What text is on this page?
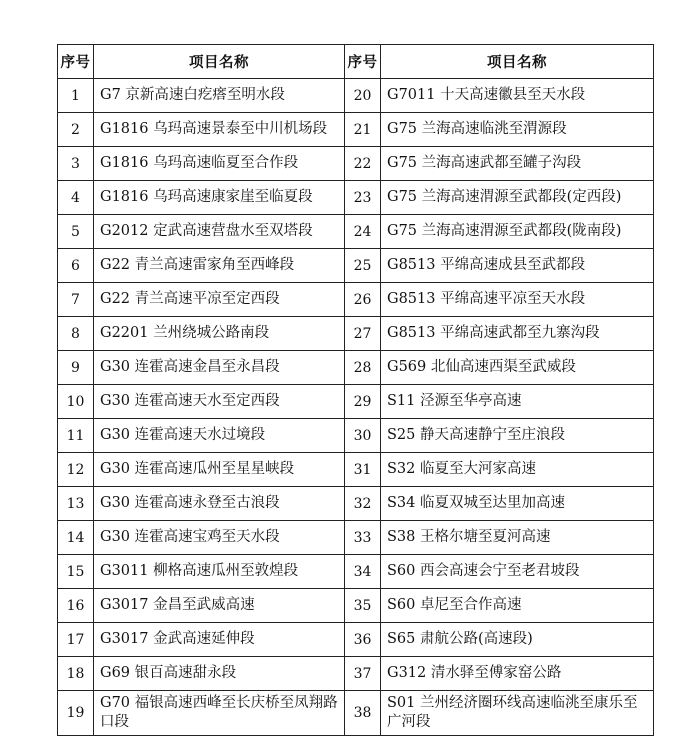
序号	项目名称	序号	项目名称
1	G7 京新高速白疙瘩至明水段	20	G7011 十天高速徽县至天水段
2	G1816 乌玛高速景泰至中川机场段	21	G75 兰海高速临洮至渭源段
3	G1816 乌玛高速临夏至合作段	22	G75 兰海高速武都至罐子沟段
4	G1816 乌玛高速康家崖至临夏段	23	G75 兰海高速渭源至武都段(定西段)
5	G2012 定武高速营盘水至双塔段	24	G75 兰海高速渭源至武都段(陇南段)
6	G22 青兰高速雷家角至西峰段	25	G8513 平绵高速成县至武都段
7	G22 青兰高速平凉至定西段	26	G8513 平绵高速平凉至天水段
8	G2201 兰州绕城公路南段	27	G8513 平绵高速武都至九寨沟段
9	G30 连霍高速金昌至永昌段	28	G569 北仙高速西渠至武威段
10	G30 连霍高速天水至定西段	29	S11 泾源至华亭高速
11	G30 连霍高速天水过境段	30	S25 静天高速静宁至庄浪段
12	G30 连霍高速瓜州至星星峡段	31	S32 临夏至大河家高速
13	G30 连霍高速永登至古浪段	32	S34 临夏双城至达里加高速
14	G30 连霍高速宝鸡至天水段	33	S38 王格尔塘至夏河高速
15	G3011 柳格高速瓜州至敦煌段	34	S60 西会高速会宁至老君坡段
16	G3017 金昌至武威高速	35	S60 卓尼至合作高速
17	G3017 金武高速延伸段	36	S65 肃航公路(高速段)
18	G69 银百高速甜永段	37	G312 清水驿至傅家窑公路
19	G70 福银高速西峰至长庆桥至凤翔路口段	38	S01 兰州经济圈环线高速临洮至康乐至广河段
